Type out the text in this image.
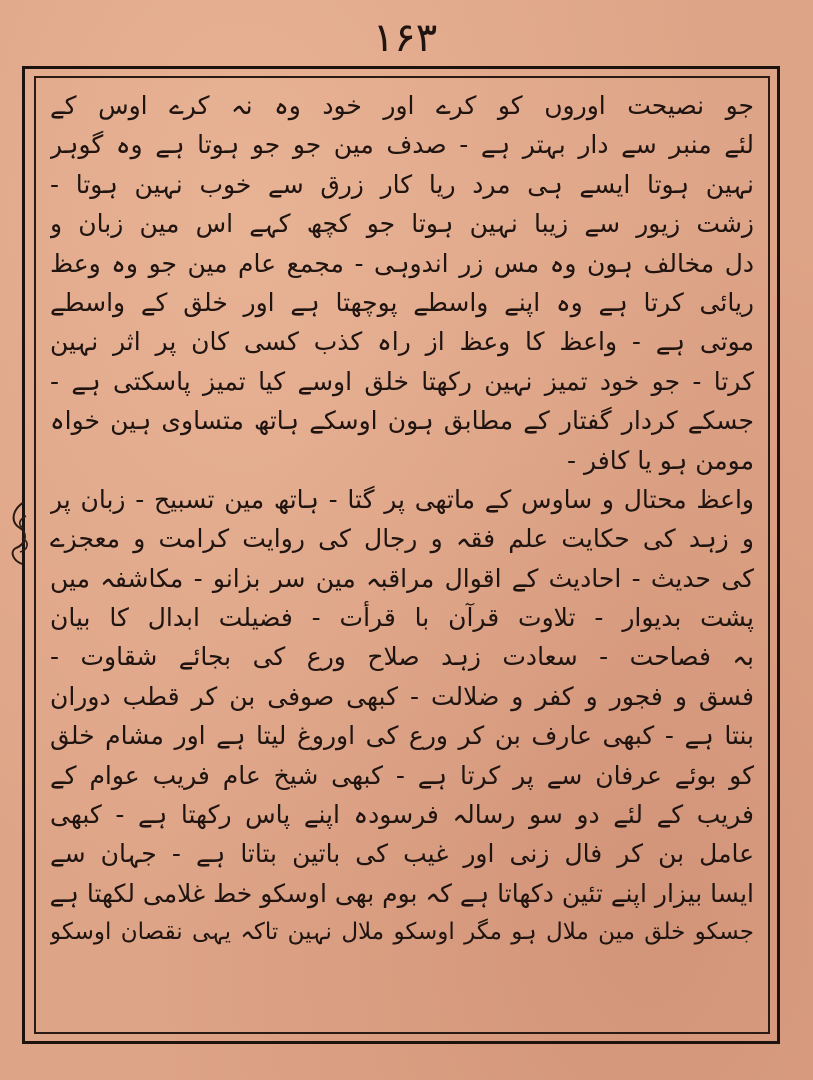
۱۶۳
جو نصیحت اوروں کو کرے اور خود وہ نہ کرے اوس کے
لئے منبر سے دار بہتر ہے - صدف مین جو جو ہوتا ہے وہ گوہر
نہین ہوتا ایسے ہی مرد ریا کار زرق سے خوب نہین ہوتا -
زشت زیور سے زیبا نہین ہوتا جو کچھ کہے اس مین زبان و
دل مخالف ہون وہ مس زر اندوہی - مجمع عام مین جو وہ وعظ
ریائی کرتا ہے وہ اپنے واسطے پوچھتا ہے اور خلق کے واسطے
موتی ہے - واعظ کا وعظ از راہ کذب کسی کان پر اثر نہین
کرتا - جو خود تمیز نہین رکھتا خلق اوسے کیا تمیز پاسکتی ہے -
جسکے کردار گفتار کے مطابق ہون اوسکے ہاتھ متساوی ہین خواہ
مومن ہو یا کافر -
واعظ محتال و ساوس کے ماتھی پر گتا - ہاتھ مین تسبیح - زبان پر
و زہد کی حکایت علم فقہ و رجال کی روایت کرامت و معجزے
کی حدیث - احادیث کے اقوال مراقبہ مین سر بزانو - مکاشفہ میں
پشت بدیوار - تلاوت قرآن با قرأت - فضیلت ابدال کا بیان
بہ فصاحت - سعادت زہد صلاح ورع کی بجائے شقاوت -
فسق و فجور و کفر و ضلالت - کبھی صوفی بن کر قطب دوران
بنتا ہے - کبھی عارف بن کر ورع کی اوروغ لیتا ہے اور مشام خلق
کو بوئے عرفان سے پر کرتا ہے - کبھی شیخ عام فریب عوام کے
فریب کے لئے دو سو رسالہ فرسودہ اپنے پاس رکھتا ہے - کبھی
عامل بن کر فال زنی اور غیب کی باتین بتاتا ہے - جہان سے
ایسا بیزار اپنے تئین دکھاتا ہے کہ بوم بھی اوسکو خط غلامی لکھتا ہے
جسکو خلق مین ملال ہو مگر اوسکو ملال نہین تاکہ یہی نقصان اوسکو
